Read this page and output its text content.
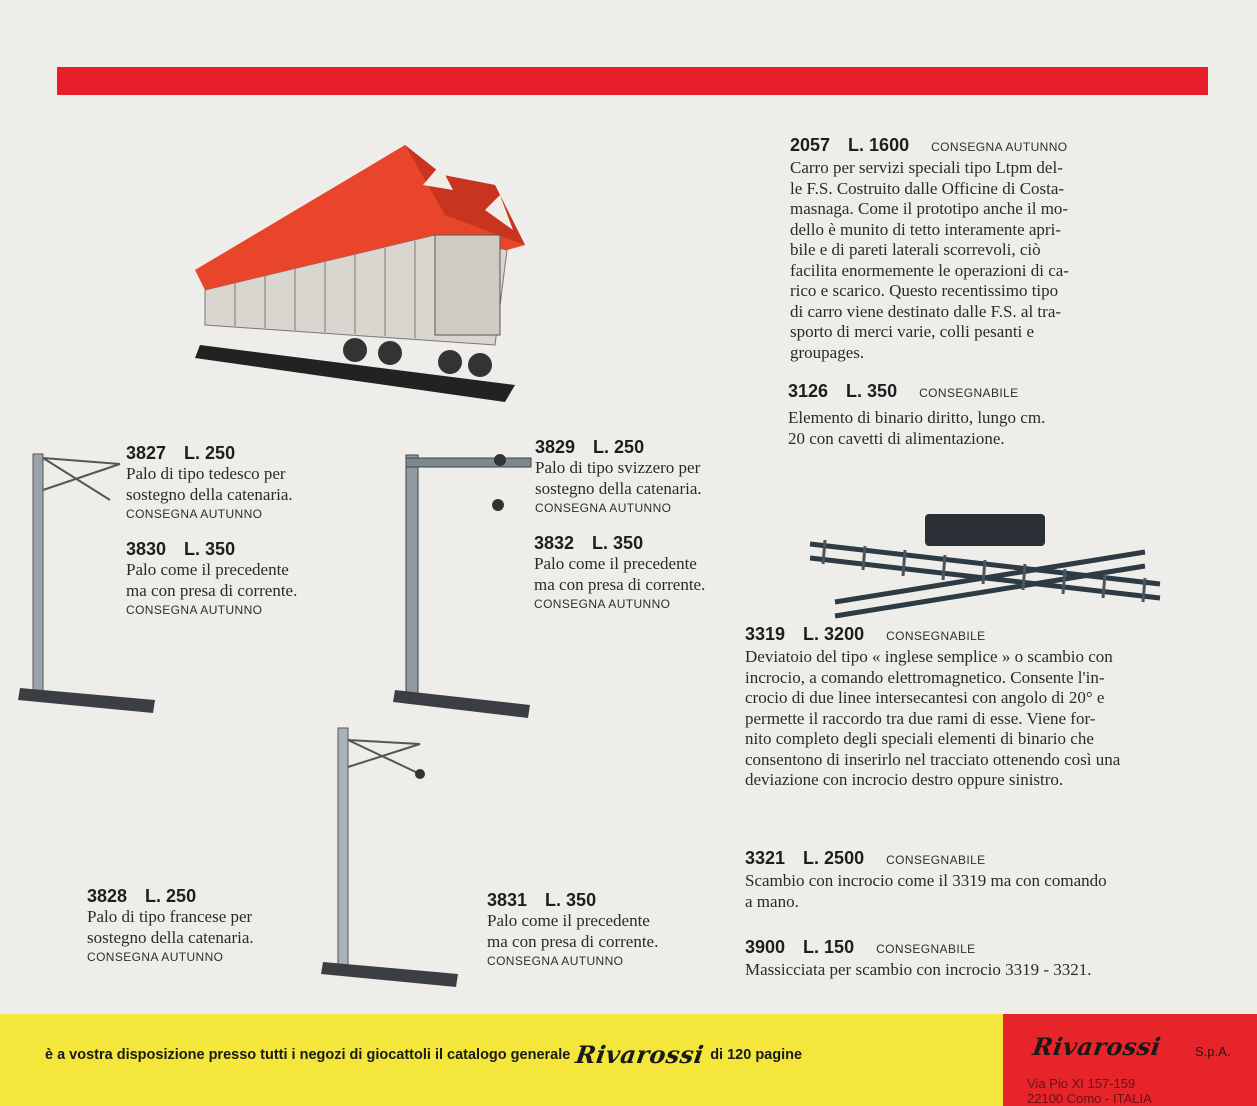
2057 L. 1600 CONSEGNA AUTUNNO
Carro per servizi speciali tipo Ltpm del-
le F.S. Costruito dalle Officine di Costa-
masnaga. Come il prototipo anche il mo-
dello è munito di tetto interamente apri-
bile e di pareti laterali scorrevoli, ciò
facilita enormemente le operazioni di ca-
rico e scarico. Questo recentissimo tipo
di carro viene destinato dalle F.S. al tra-
sporto di merci varie, colli pesanti e
groupages.
3126 L. 350 CONSEGNABILE
Elemento di binario diritto, lungo cm.
20 con cavetti di alimentazione.
3827 L. 250
Palo di tipo tedesco per
sostegno della catenaria.
CONSEGNA AUTUNNO
3830 L. 350
Palo come il precedente
ma con presa di corrente.
CONSEGNA AUTUNNO
3829 L. 250
Palo di tipo svizzero per
sostegno della catenaria.
CONSEGNA AUTUNNO
3832 L. 350
Palo come il precedente
ma con presa di corrente.
CONSEGNA AUTUNNO
3319 L. 3200 CONSEGNABILE
Deviatoio del tipo « inglese semplice » o scambio con
incrocio, a comando elettromagnetico. Consente l'in-
crocio di due linee intersecantesi con angolo di 20° e
permette il raccordo tra due rami di esse. Viene for-
nito completo degli speciali elementi di binario che
consentono di inserirlo nel tracciato ottenendo così una
deviazione con incrocio destro oppure sinistro.
3321 L. 2500 CONSEGNABILE
Scambio con incrocio come il 3319 ma con comando
a mano.
3900 L. 150 CONSEGNABILE
Massicciata per scambio con incrocio 3319 - 3321.
3828 L. 250
Palo di tipo francese per
sostegno della catenaria.
CONSEGNA AUTUNNO
3831 L. 350
Palo come il precedente
ma con presa di corrente.
CONSEGNA AUTUNNO
è a vostra disposizione presso tutti i negozi di giocattoli il catalogo generale Rivarossi di 120 pagine	Rivarossi S.p.A.
Via Pio XI 157-159
22100 Como - ITALIA
